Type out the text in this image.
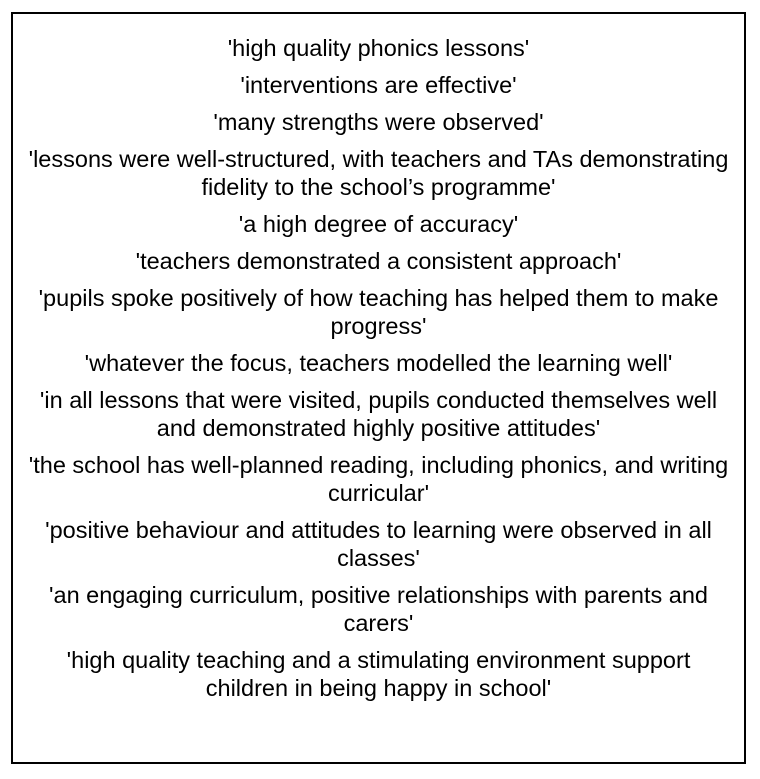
'high quality phonics lessons'
'interventions are effective'
'many strengths were observed'
'lessons were well-structured, with teachers and TAs demonstrating fidelity to the school’s programme'
'a high degree of accuracy'
'teachers demonstrated a consistent approach'
'pupils spoke positively of how teaching has helped them to make progress'
'whatever the focus, teachers modelled the learning well'
'in all lessons that were visited, pupils conducted themselves well and demonstrated highly positive attitudes'
'the school has well-planned reading, including phonics, and writing curricular'
'positive behaviour and attitudes to learning were observed in all classes'
'an engaging curriculum, positive relationships with parents and carers'
'high quality teaching and a stimulating environment support children in being happy in school'
